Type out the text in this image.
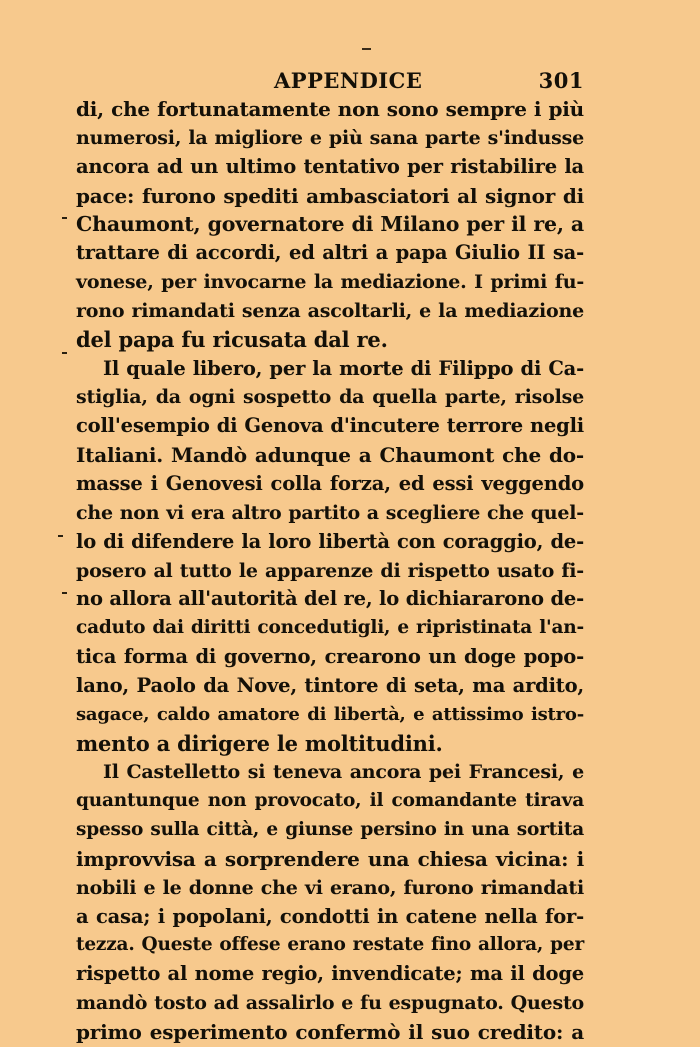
APPENDICE	301
di, che fortunatamente non sono sempre i più
numerosi, la migliore e più sana parte s'indusse
ancora ad un ultimo tentativo per ristabilire la
pace: furono spediti ambasciatori al signor di
Chaumont, governatore di Milano per il re, a
trattare di accordi, ed altri a papa Giulio II sa-
vonese, per invocarne la mediazione. I primi fu-
rono rimandati senza ascoltarli, e la mediazione
del papa fu ricusata dal re.
Il quale libero, per la morte di Filippo di Ca-
stiglia, da ogni sospetto da quella parte, risolse
coll'esempio di Genova d'incutere terrore negli
Italiani. Mandò adunque a Chaumont che do-
masse i Genovesi colla forza, ed essi veggendo
che non vi era altro partito a scegliere che quel-
lo di difendere la loro libertà con coraggio, de-
posero al tutto le apparenze di rispetto usato fi-
no allora all'autorità del re, lo dichiararono de-
caduto dai diritti concedutigli, e ripristinata l'an-
tica forma di governo, crearono un doge popo-
lano, Paolo da Nove, tintore di seta, ma ardito,
sagace, caldo amatore di libertà, e attissimo istro-
mento a dirigere le moltitudini.
Il Castelletto si teneva ancora pei Francesi, e
quantunque non provocato, il comandante tirava
spesso sulla città, e giunse persino in una sortita
improvvisa a sorprendere una chiesa vicina: i
nobili e le donne che vi erano, furono rimandati
a casa; i popolani, condotti in catene nella for-
tezza. Queste offese erano restate fino allora, per
rispetto al nome regio, invendicate; ma il doge
mandò tosto ad assalirlo e fu espugnato. Questo
primo esperimento confermò il suo credito: a
